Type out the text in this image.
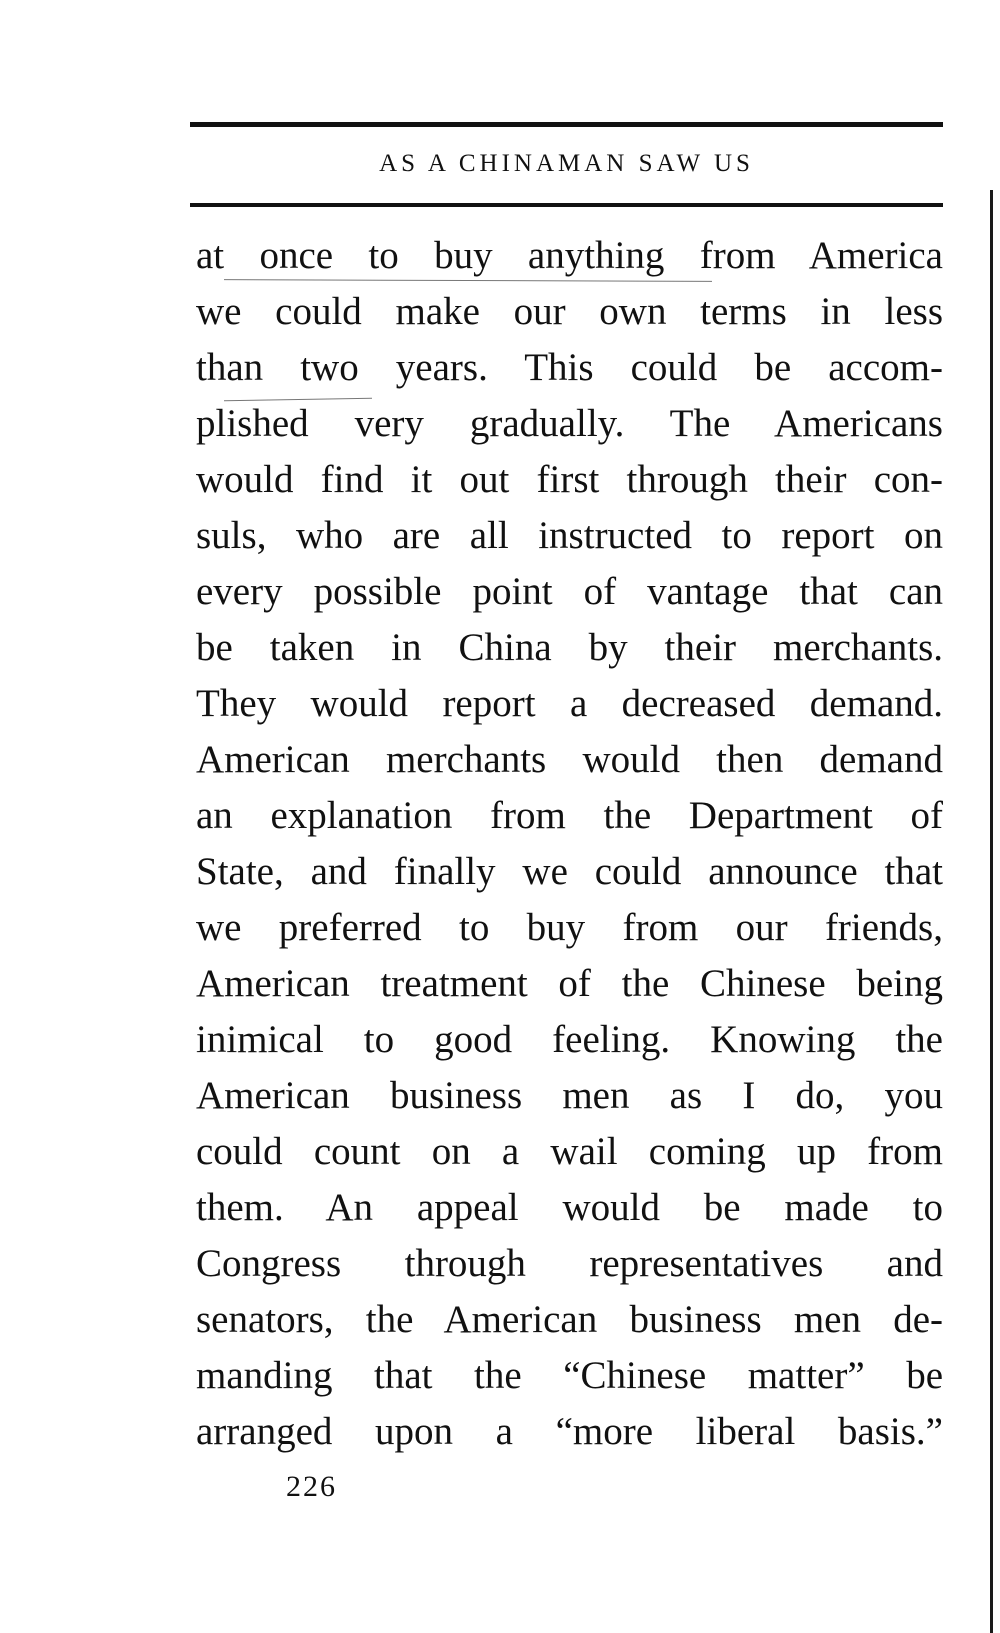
AS A CHINAMAN SAW US
at once to buy anything from America
we could make our own terms in less
than two years. This could be accom-
plished very gradually. The Americans
would find it out first through their con-
suls, who are all instructed to report on
every possible point of vantage that can
be taken in China by their merchants.
They would report a decreased demand.
American merchants would then demand
an explanation from the Department of
State, and finally we could announce that
we preferred to buy from our friends,
American treatment of the Chinese being
inimical to good feeling. Knowing the
American business men as I do, you
could count on a wail coming up from
them. An appeal would be made to
Congress through representatives and
senators, the American business men de-
manding that the “Chinese matter” be
arranged upon a “more liberal basis.”
226
